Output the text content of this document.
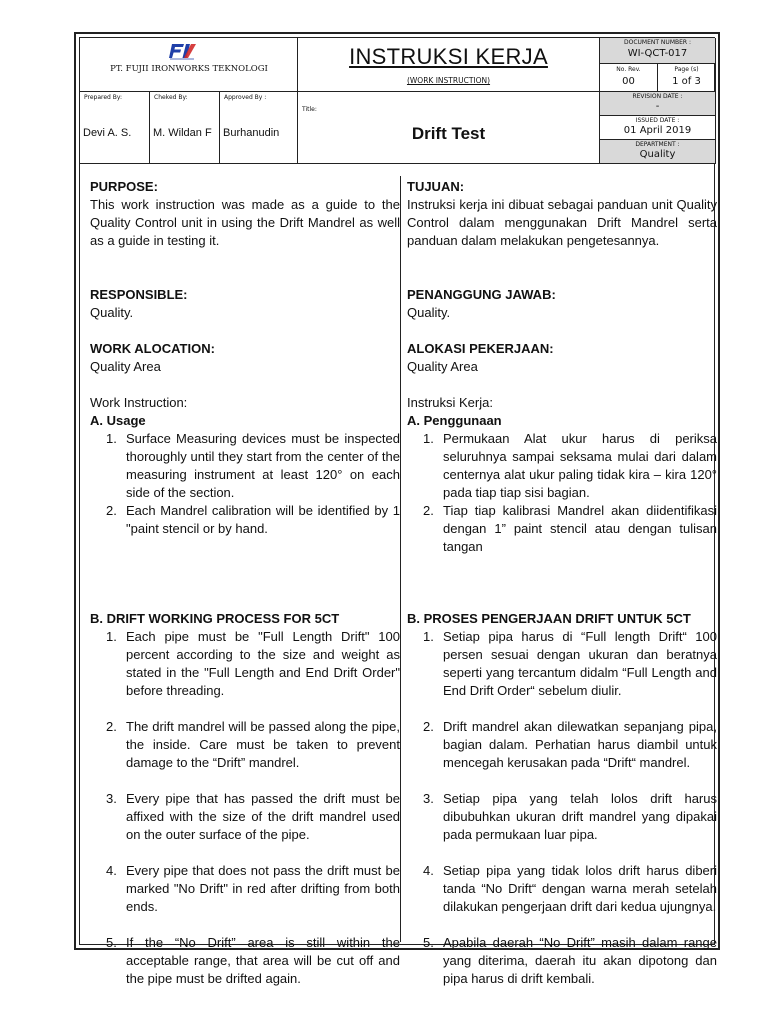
PT. FUJII IRONWORKS TEKNOLOGI	INSTRUKSI KERJA
(WORK INSTRUCTION)
DOCUMENT NUMBER :
WI-QCT-017
No. Rev.
00
Page (s)
1 of 3
Prepared By:
Devi A. S.
Cheked By:
M. Wildan F
Approved By :
Burhanudin
Title:
Drift Test
REVISION DATE :
-
ISSUED DATE :
01 April 2019
DEPARTMENT :
Quality
PURPOSE:
This work instruction was made as a guide to the Quality Control unit in using the Drift Mandrel as well as a guide in testing it.
RESPONSIBLE:
Quality.
WORK ALOCATION:
Quality Area
Work Instruction:
A. Usage
1. Surface Measuring devices must be inspected thoroughly until they start from the center of the measuring instrument at least 120° on each side of the section.
2. Each Mandrel calibration will be identified by 1 "paint stencil or by hand.
B. DRIFT WORKING PROCESS FOR 5CT
1. Each pipe must be "Full Length Drift" 100 percent according to the size and weight as stated in the "Full Length and End Drift Order" before threading.
2. The drift mandrel will be passed along the pipe, the inside. Care must be taken to prevent damage to the “Drift” mandrel.
3. Every pipe that has passed the drift must be affixed with the size of the drift mandrel used on the outer surface of the pipe.
4. Every pipe that does not pass the drift must be marked "No Drift" in red after drifting from both ends.
5. If the “No Drift” area is still within the acceptable range, that area will be cut off and the pipe must be drifted again.
TUJUAN:
Instruksi kerja ini dibuat sebagai panduan unit Quality Control dalam menggunakan Drift Mandrel serta panduan dalam melakukan pengetesannya.
PENANGGUNG JAWAB:
Quality.
ALOKASI PEKERJAAN:
Quality Area
Instruksi Kerja:
A. Penggunaan
1. Permukaan Alat ukur harus di periksa seluruhnya sampai seksama mulai dari dalam centernya alat ukur paling tidak kira – kira 120° pada tiap tiap sisi bagian.
2. Tiap tiap kalibrasi Mandrel akan diidentifikasi dengan 1” paint stencil atau dengan tulisan tangan
B. PROSES PENGERJAAN DRIFT UNTUK 5CT
1. Setiap pipa harus di “Full length Drift“ 100 persen sesuai dengan ukuran dan beratnya seperti yang tercantum didalm “Full Length and End Drift Order“ sebelum diulir.
2. Drift mandrel akan dilewatkan sepanjang pipa, bagian dalam. Perhatian harus diambil untuk mencegah kerusakan pada “Drift“ mandrel.
3. Setiap pipa yang telah lolos drift harus dibubuhkan ukuran drift mandrel yang dipakai pada permukaan luar pipa.
4. Setiap pipa yang tidak lolos drift harus diberi tanda “No Drift“ dengan warna merah setelah dilakukan pengerjaan drift dari kedua ujungnya.
5. Apabila daerah “No Drift” masih dalam range yang diterima, daerah itu akan dipotong dan pipa harus di drift kembali.
